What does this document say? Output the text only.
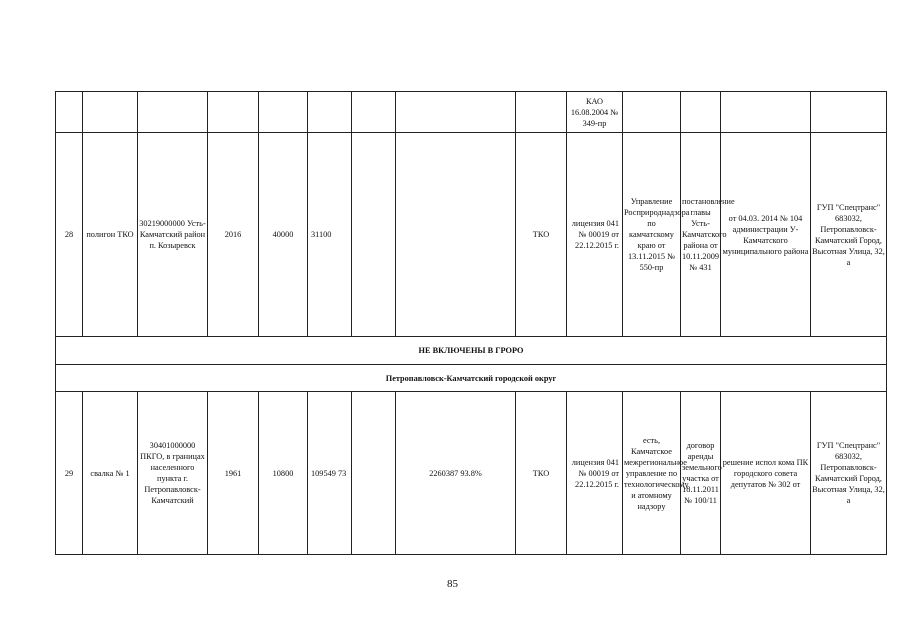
									КАО 16.08.2004 № 349-пр					

28	полигон ТКО	30219000000 Усть-Камчатский район п. Козыревск	2016	40000	31100			ТКО	лицензия 041 № 00019 от 22.12.2015 г.	Управление Росприроднадзора по камчатскому краю от 13.11.2015 № 550-пр	постановление главы Усть-Камчатского района от 10.11.2009 № 431	от 04.03. 2014 № 104 администрации У-Камчатского муниципального района	ГУП "Спецтранс" 683032, Петропавловск-Камчатский Город, Высотная Улица, 32, а	
НЕ ВКЛЮЧЕНЫ В ГРОРО														
Петропавловск-Камчатский городской округ														
29	свалка № 1	30401000000 ПКГО, в границах населенного пункта г. Петропавловск-Камчатский	1961	10800	109549 73		2260387 93.8%	ТКО	лицензия 041 № 00019 от 22.12.2015 г.	есть, Камчатское межрегиональное управление по технологическому и атомному надзору	договор аренды земельного участка от 18.11.2011 № 100/11	решение испол кома ПК городского совета депутатов № 302 от	ГУП "Спецтранс" 683032, Петропавловск-Камчатский Город, Высотная Улица, 32, а	
85
